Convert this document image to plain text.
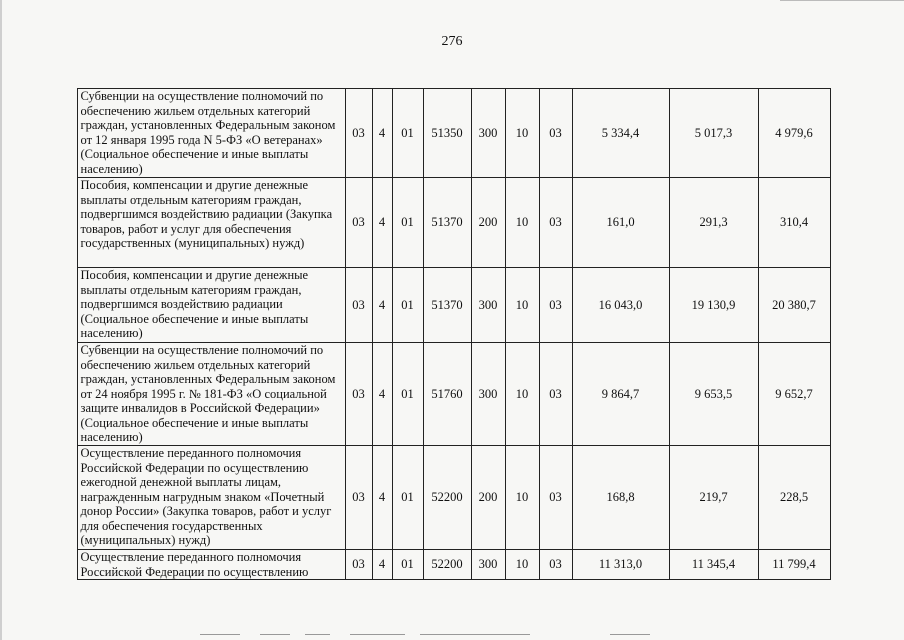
276
	Субвенции на осуществление полномочий по обеспечению жильем отдельных категорий граждан, установленных Федеральным законом от 12 января 1995 года N 5-ФЗ «О ветеранах» (Социальное обеспечение и иные выплаты населению)	03	4	01	51350	300	10	03	5 334,4	5 017,3	4 979,6
	Пособия, компенсации и другие денежные выплаты отдельным категориям граждан, подвергшимся воздействию радиации (Закупка товаров, работ и услуг для обеспечения государственных (муниципальных) нужд)	03	4	01	51370	200	10	03	161,0	291,3	310,4
	Пособия, компенсации и другие денежные выплаты отдельным категориям граждан, подвергшимся воздействию радиации (Социальное обеспечение и иные выплаты населению)	03	4	01	51370	300	10	03	16 043,0	19 130,9	20 380,7
	Субвенции на осуществление полномочий по обеспечению жильем отдельных категорий граждан, установленных Федеральным законом от 24 ноября 1995 г. № 181-ФЗ «О социальной защите инвалидов в Российской Федерации» (Социальное обеспечение и иные выплаты населению)	03	4	01	51760	300	10	03	9 864,7	9 653,5	9 652,7
	Осуществление переданного полномочия Российской Федерации по осуществлению ежегодной денежной выплаты лицам, награжденным нагрудным знаком «Почетный донор России» (Закупка товаров, работ и услуг для обеспечения государственных (муниципальных) нужд)	03	4	01	52200	200	10	03	168,8	219,7	228,5
	Осуществление переданного полномочия Российской Федерации по осуществлению	03	4	01	52200	300	10	03	11 313,0	11 345,4	11 799,4
